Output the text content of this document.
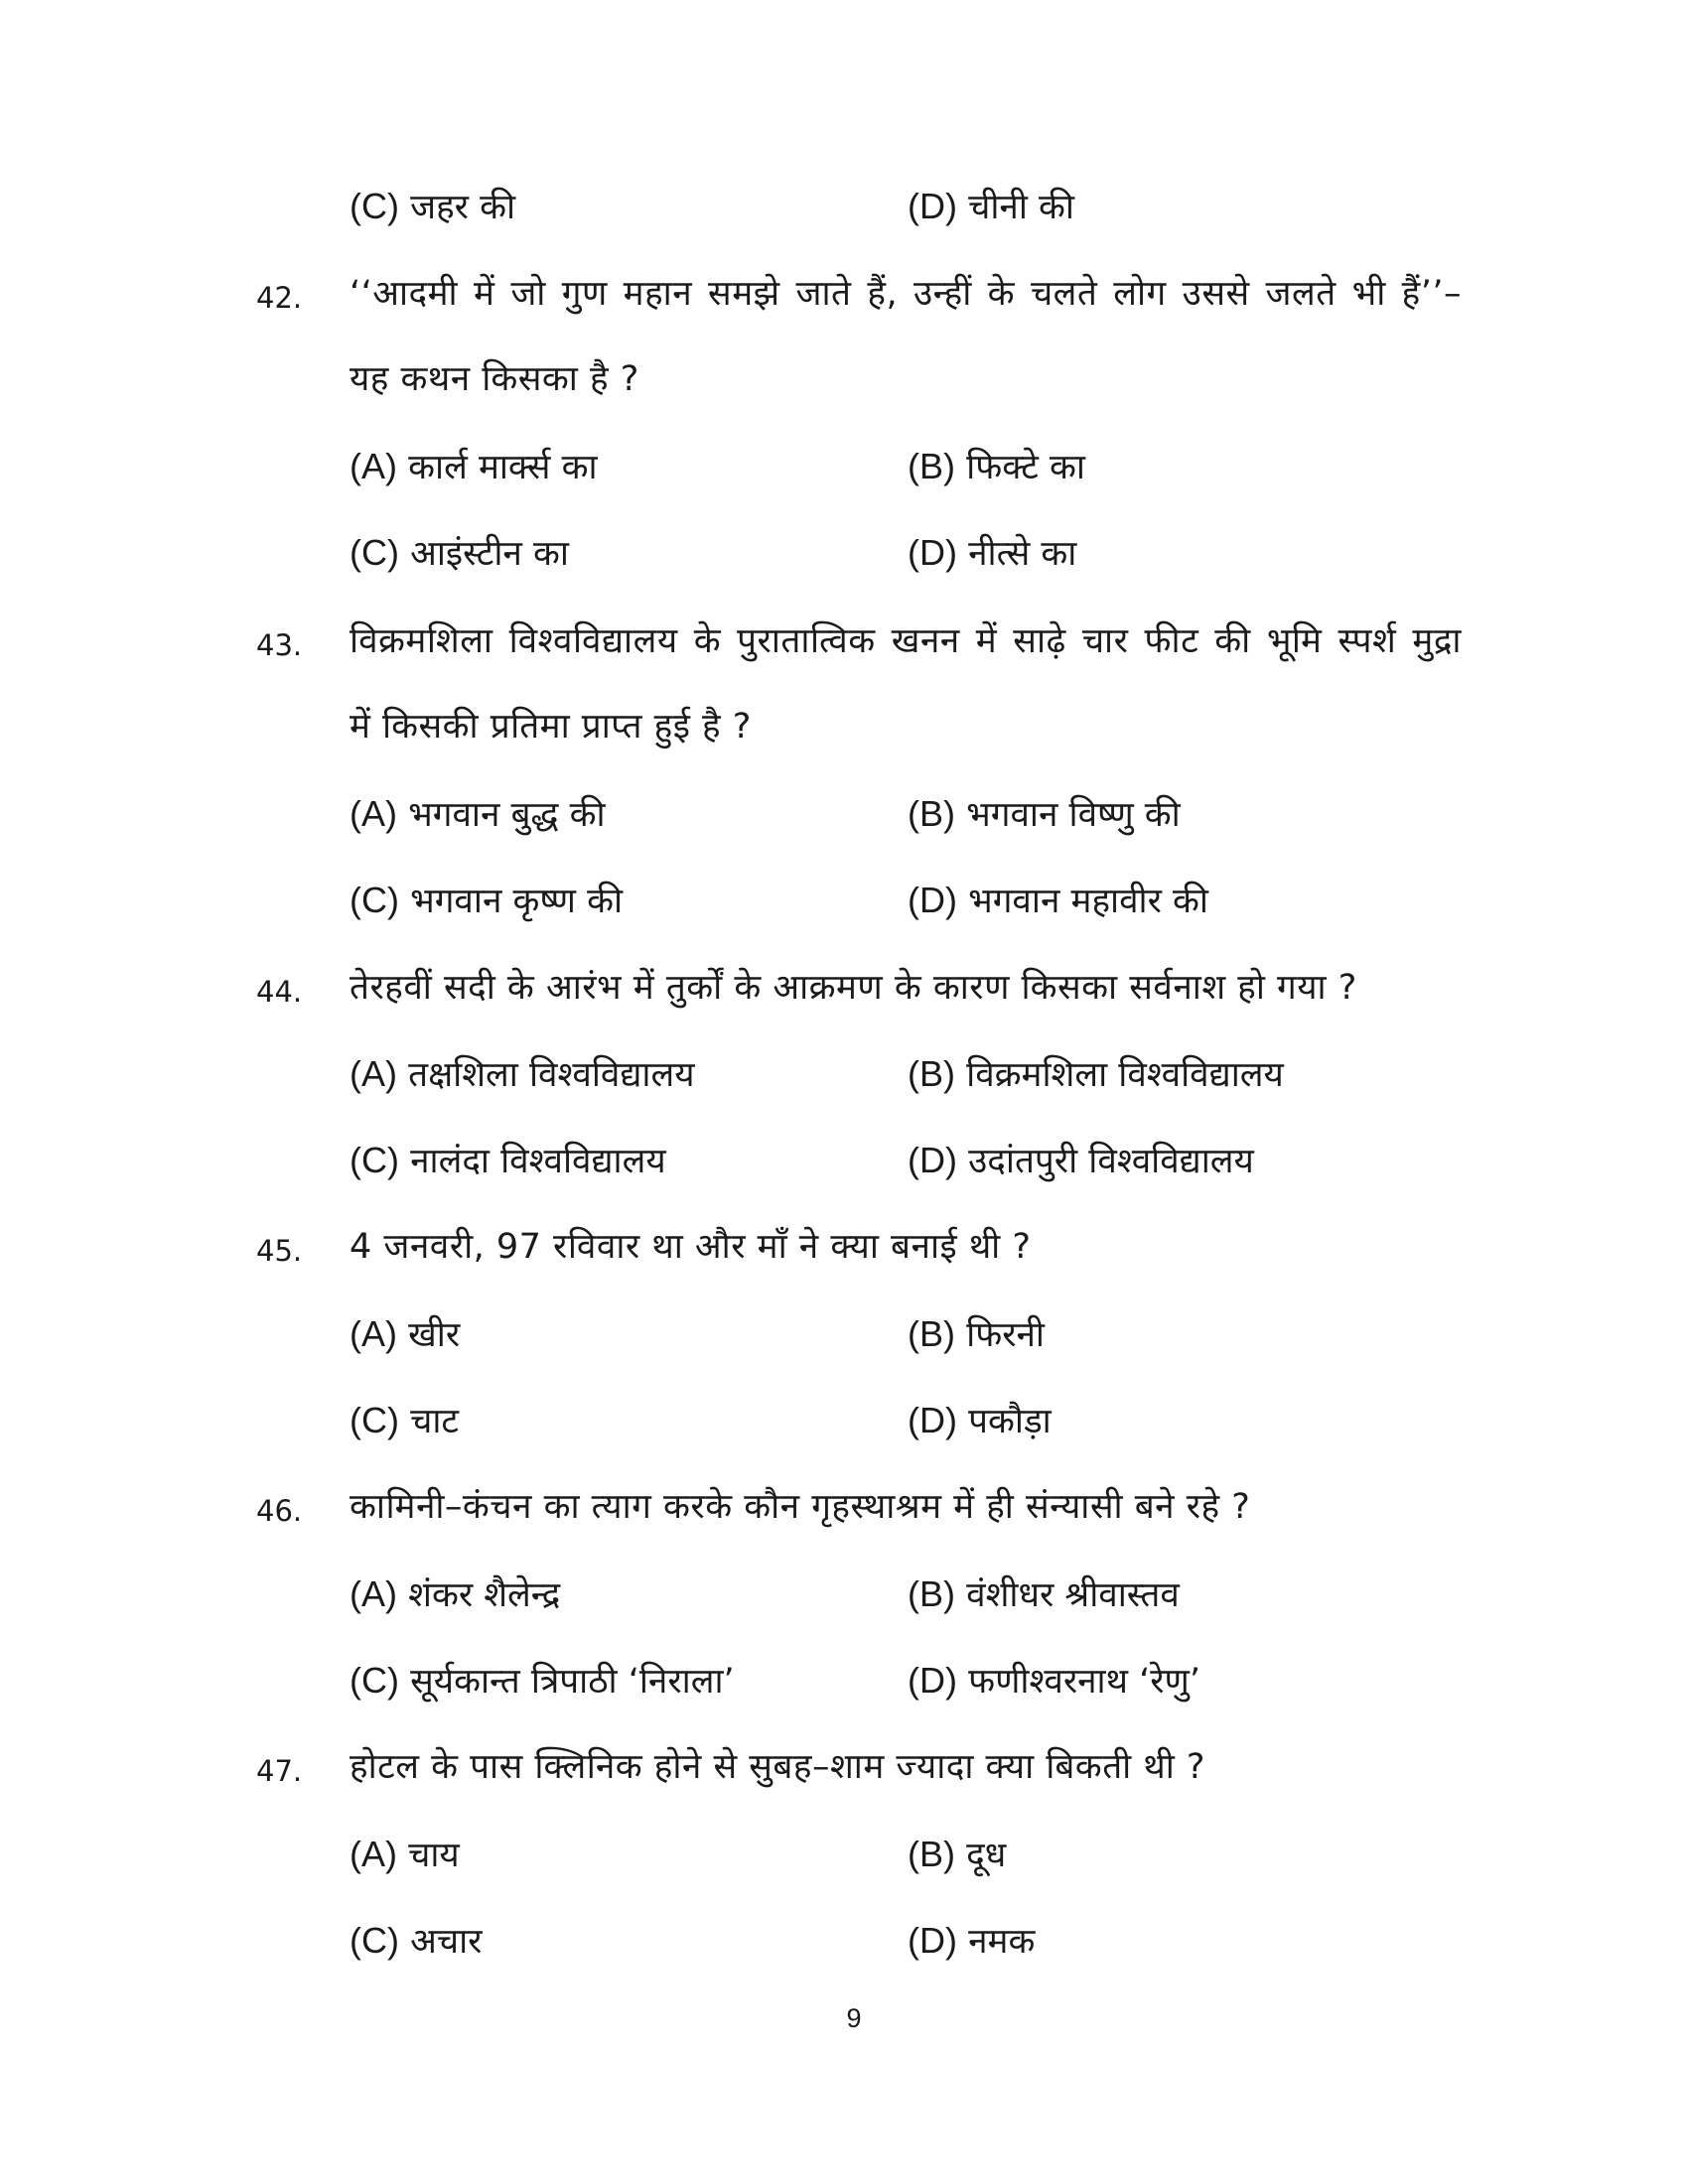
(C) जहर की	(D) चीनी की
42. ‘‘आदमी में जो गुण महान समझे जाते हैं, उन्हीं के चलते लोग उससे जलते भी हैं’’–
यह कथन किसका है ?
(A) कार्ल मार्क्स का	(B) फिक्टे का
(C) आइंस्टीन का	(D) नीत्से का
43. विक्रमशिला विश्वविद्यालय के पुरातात्विक खनन में साढ़े चार फीट की भूमि स्पर्श मुद्रा
में किसकी प्रतिमा प्राप्त हुई है ?
(A) भगवान बुद्ध की	(B) भगवान विष्णु की
(C) भगवान कृष्ण की	(D) भगवान महावीर की
44. तेरहवीं सदी के आरंभ में तुर्कों के आक्रमण के कारण किसका सर्वनाश हो गया ?
(A) तक्षशिला विश्वविद्यालय	(B) विक्रमशिला विश्वविद्यालय
(C) नालंदा विश्वविद्यालय	(D) उदांतपुरी विश्वविद्यालय
45. 4 जनवरी, 97 रविवार था और माँ ने क्या बनाई थी ?
(A) खीर	(B) फिरनी
(C) चाट	(D) पकौड़ा
46. कामिनी–कंचन का त्याग करके कौन गृहस्थाश्रम में ही संन्यासी बने रहे ?
(A) शंकर शैलेन्द्र	(B) वंशीधर श्रीवास्तव
(C) सूर्यकान्त त्रिपाठी ‘निराला’	(D) फणीश्वरनाथ ‘रेणु’
47. होटल के पास क्लिनिक होने से सुबह–शाम ज्यादा क्या बिकती थी ?
(A) चाय	(B) दूध
(C) अचार	(D) नमक
9
